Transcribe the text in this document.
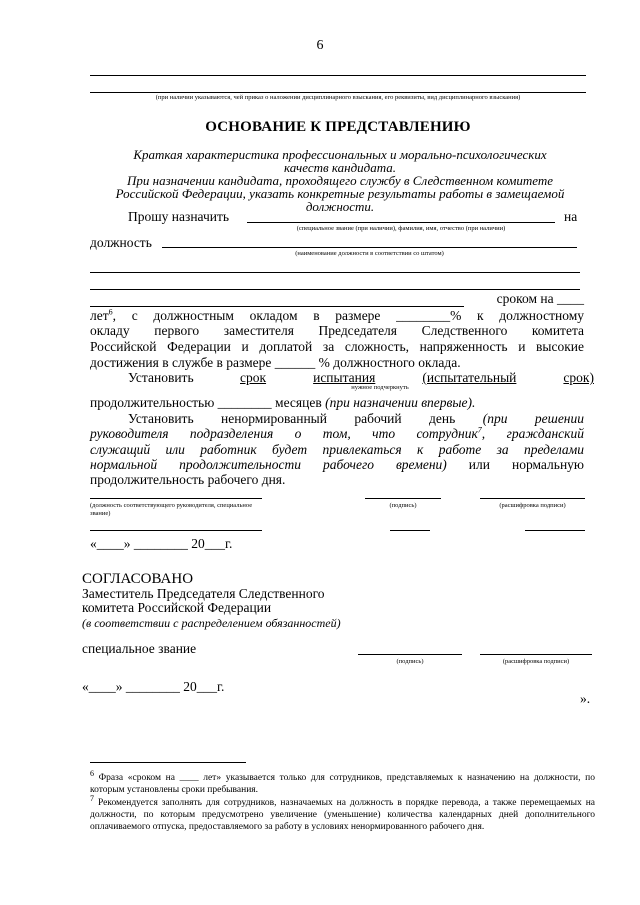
6
(при наличии указываются, чей приказ о наложении дисциплинарного взыскания, его реквизиты, вид дисциплинарного взыскания)
ОСНОВАНИЕ К ПРЕДСТАВЛЕНИЮ
Краткая характеристика профессиональных и морально-психологических качеств кандидата.
При назначении кандидата, проходящего службу в Следственном комитете Российской Федерации, указать конкретные результаты работы в замещаемой должности.
Прошу назначить	на
(специальное звание (при наличии), фамилия, имя, отчество (при наличии)
должность
(наименование должности в соответствии со штатом)
сроком на ____
лет$^6$, с должностным окладом в размере ________% к должностному
окладу первого заместителя Председателя Следственного комитета
Российской Федерации и доплатой за сложность, напряженность и высокие
достижения в службе в размере ______ % должностного оклада.
Установить	срок	испытания	(испытательный	срок)
нужное подчеркнуть
продолжительностью ________ месяцев (при назначении впервые).
Установить ненормированный рабочий день (при решении
руководителя подразделения о том, что сотрудник$^7$, гражданский
служащий или работник будет привлекаться к работе за пределами
нормальной продолжительности рабочего времени) или нормальную
продолжительность рабочего дня.
(должность соответствующего руководителя, специальное звание)
(подпись)	(расшифровка подписи)
«____» ________ 20___г.
СОГЛАСОВАНО
Заместитель Председателя Следственного
комитета Российской Федерации
(в соответствии с распределением обязанностей)
специальное звание
(подпись)	(расшифровка подписи)
«____» ________ 20___г.
».
$^6$ Фраза «сроком на ____ лет» указывается только для сотрудников, представляемых к назначению на должности, по которым установлены сроки пребывания.
$^7$ Рекомендуется заполнять для сотрудников, назначаемых на должность в порядке перевода, а также перемещаемых на должности, по которым предусмотрено увеличение (уменьшение) количества календарных дней дополнительного оплачиваемого отпуска, предоставляемого за работу в условиях ненормированного рабочего дня.
